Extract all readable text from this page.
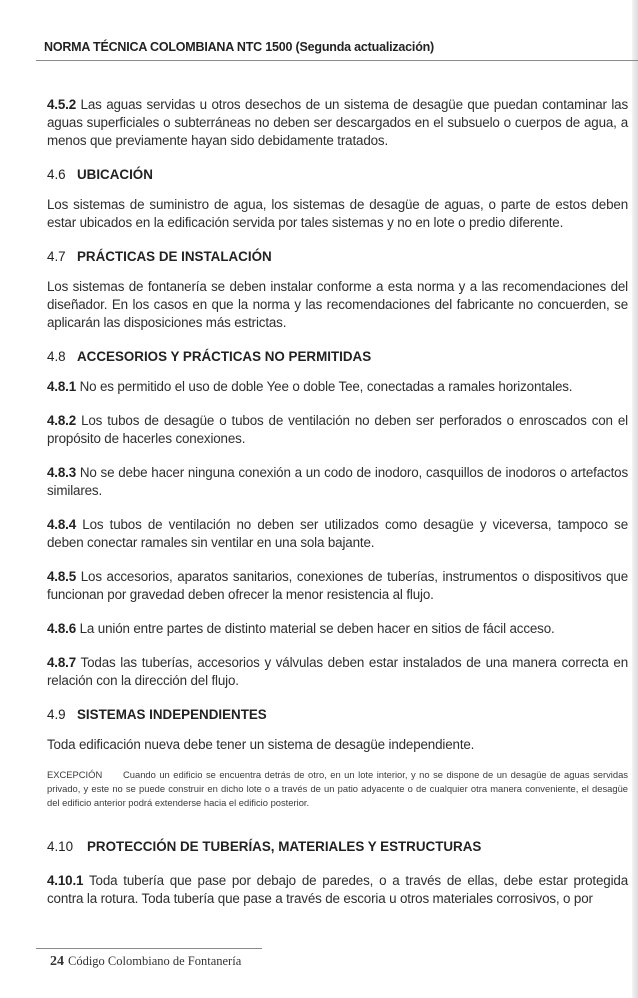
NORMA TÉCNICA COLOMBIANA NTC 1500 (Segunda actualización)

4.5.2 Las aguas servidas u otros desechos de un sistema de desagüe que puedan contaminar las aguas superficiales o subterráneas no deben ser descargados en el subsuelo o cuerpos de agua, a menos que previamente hayan sido debidamente tratados.

4.6 UBICACIÓN

Los sistemas de suministro de agua, los sistemas de desagüe de aguas, o parte de estos deben estar ubicados en la edificación servida por tales sistemas y no en lote o predio diferente.

4.7 PRÁCTICAS DE INSTALACIÓN

Los sistemas de fontanería se deben instalar conforme a esta norma y a las recomendaciones del diseñador. En los casos en que la norma y las recomendaciones del fabricante no concuerden, se aplicarán las disposiciones más estrictas.

4.8 ACCESORIOS Y PRÁCTICAS NO PERMITIDAS

4.8.1 No es permitido el uso de doble Yee o doble Tee, conectadas a ramales horizontales.

4.8.2 Los tubos de desagüe o tubos de ventilación no deben ser perforados o enroscados con el propósito de hacerles conexiones.

4.8.3 No se debe hacer ninguna conexión a un codo de inodoro, casquillos de inodoros o artefactos similares.

4.8.4 Los tubos de ventilación no deben ser utilizados como desagüe y viceversa, tampoco se deben conectar ramales sin ventilar en una sola bajante.

4.8.5 Los accesorios, aparatos sanitarios, conexiones de tuberías, instrumentos o dispositivos que funcionan por gravedad deben ofrecer la menor resistencia al flujo.

4.8.6 La unión entre partes de distinto material se deben hacer en sitios de fácil acceso.

4.8.7 Todas las tuberías, accesorios y válvulas deben estar instalados de una manera correcta en relación con la dirección del flujo.

4.9 SISTEMAS INDEPENDIENTES

Toda edificación nueva debe tener un sistema de desagüe independiente.

EXCEPCIÓN Cuando un edificio se encuentra detrás de otro, en un lote interior, y no se dispone de un desagüe de aguas servidas privado, y este no se puede construir en dicho lote o a través de un patio adyacente o de cualquier otra manera conveniente, el desagüe del edificio anterior podrá extenderse hacia el edificio posterior.

4.10 PROTECCIÓN DE TUBERÍAS, MATERIALES Y ESTRUCTURAS

4.10.1 Toda tubería que pase por debajo de paredes, o a través de ellas, debe estar protegida contra la rotura. Toda tubería que pase a través de escoria u otros materiales corrosivos, o por

24 Código Colombiano de Fontanería
